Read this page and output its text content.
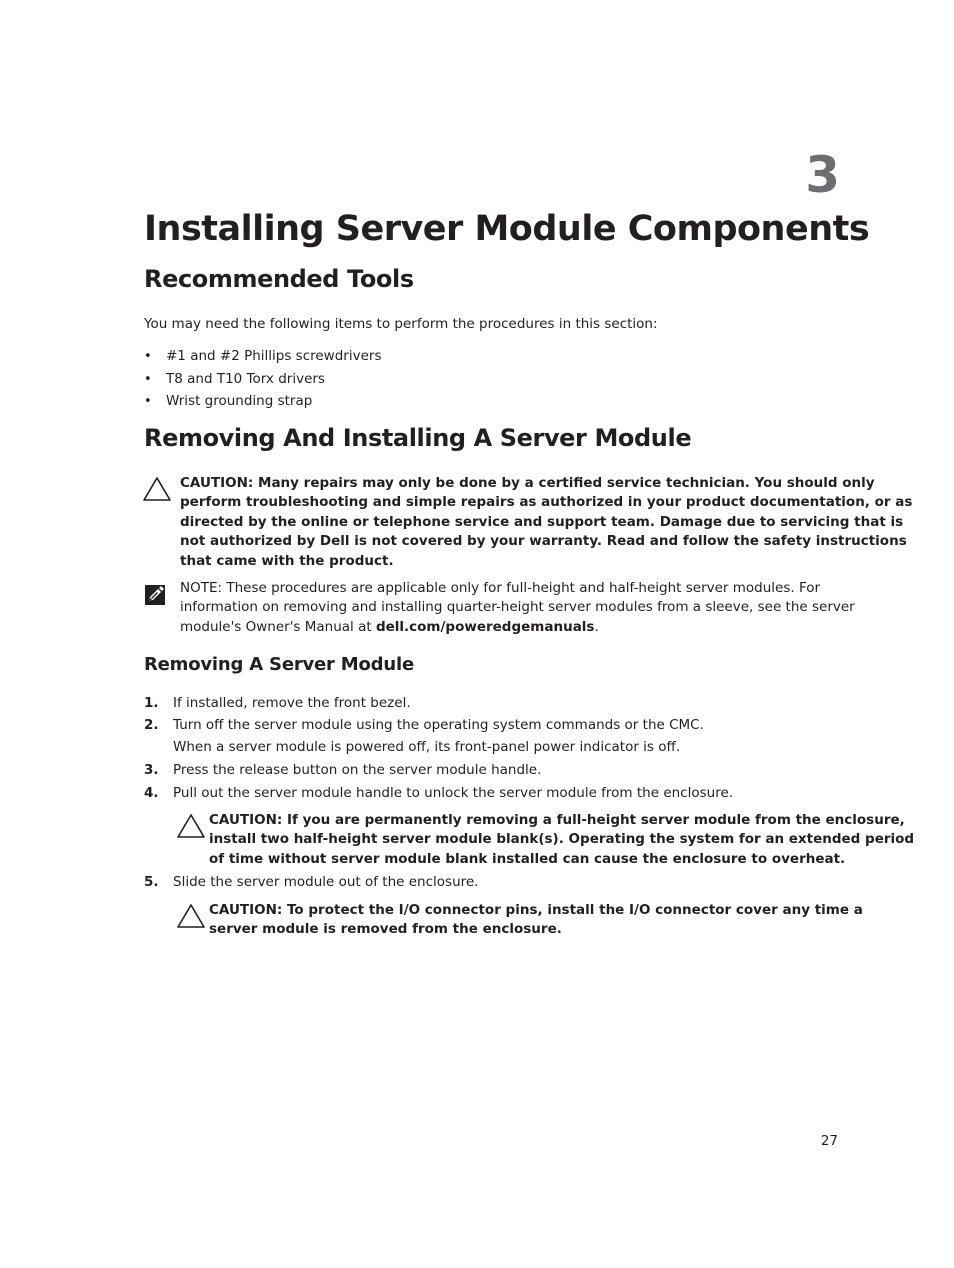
3
Installing Server Module Components
Recommended Tools
You may need the following items to perform the procedures in this section:
• #1 and #2 Phillips screwdrivers
• T8 and T10 Torx drivers
• Wrist grounding strap
Removing And Installing A Server Module
CAUTION: Many repairs may only be done by a certified service technician. You should only
perform troubleshooting and simple repairs as authorized in your product documentation, or as
directed by the online or telephone service and support team. Damage due to servicing that is
not authorized by Dell is not covered by your warranty. Read and follow the safety instructions
that came with the product.
NOTE: These procedures are applicable only for full-height and half-height server modules. For
information on removing and installing quarter-height server modules from a sleeve, see the server
module's Owner's Manual at dell.com/poweredgemanuals.
Removing A Server Module
1. If installed, remove the front bezel.
2. Turn off the server module using the operating system commands or the CMC.
When a server module is powered off, its front-panel power indicator is off.
3. Press the release button on the server module handle.
4. Pull out the server module handle to unlock the server module from the enclosure.
CAUTION: If you are permanently removing a full-height server module from the enclosure,
install two half-height server module blank(s). Operating the system for an extended period
of time without server module blank installed can cause the enclosure to overheat.
5. Slide the server module out of the enclosure.
CAUTION: To protect the I/O connector pins, install the I/O connector cover any time a
server module is removed from the enclosure.
27
